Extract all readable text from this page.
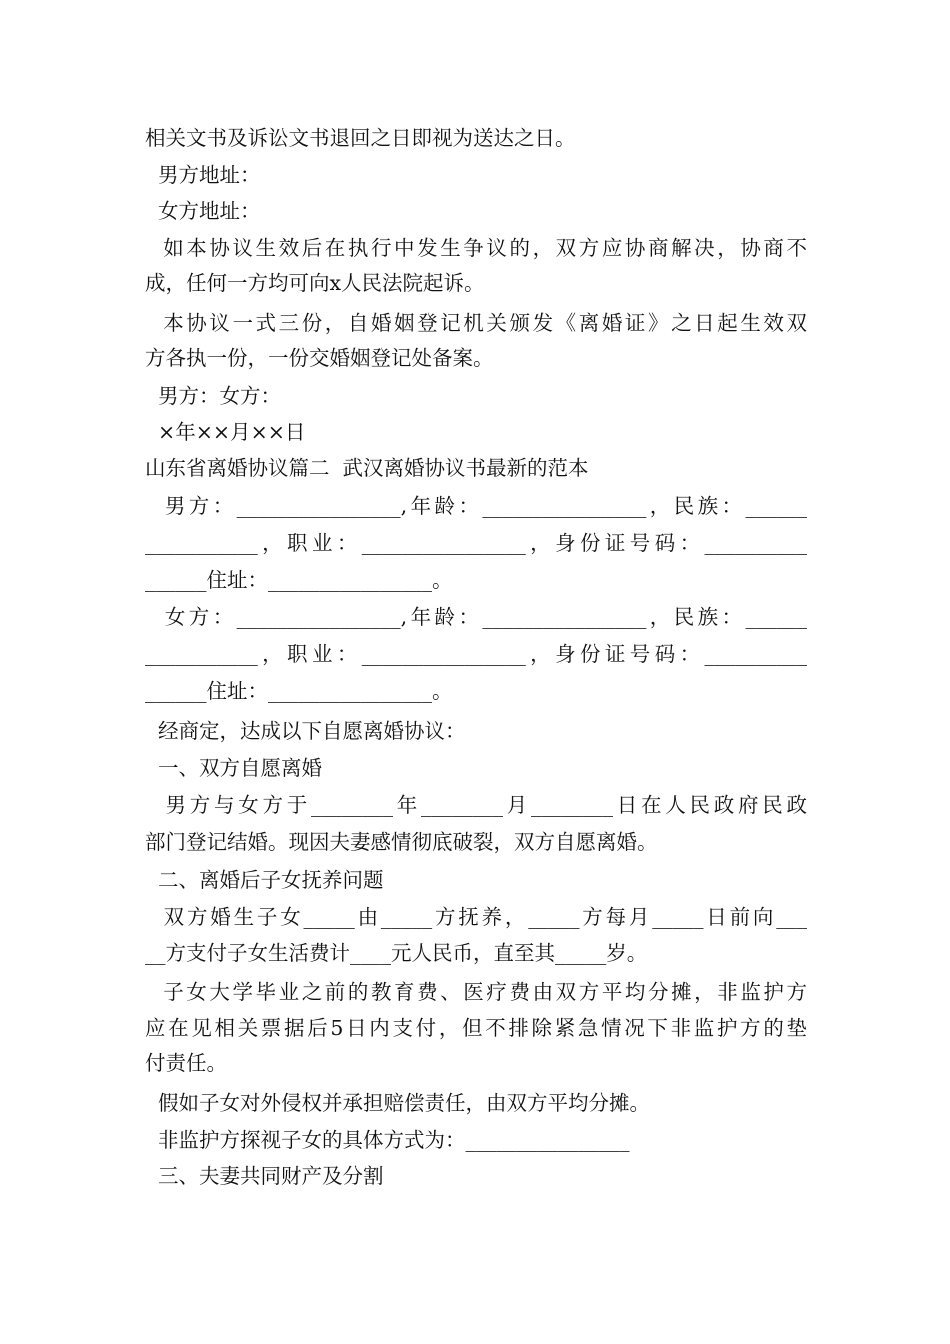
相关文书及诉讼文书退回之日即视为送达之日。
男方地址：
女方地址：
如本协议生效后在执行中发生争议的，双方应协商解决，协商不
成，任何一方均可向x人民法院起诉。
本协议一式三份，自婚姻登记机关颁发《离婚证》之日起生效双
方各执一份，一份交婚姻登记处备案。
男方：女方：
×年××月××日
山东省离婚协议篇二  武汉离婚协议书最新的范本
男方：________________,年龄：________________，民族：______
___________，职业：________________，身份证号码：__________
______住址：________________。
女方：________________,年龄：________________，民族：______
___________，职业：________________，身份证号码：__________
______住址：________________。
经商定，达成以下自愿离婚协议：
一、双方自愿离婚
男方与女方于________年________月________日在人民政府民政
部门登记结婚。现因夫妻感情彻底破裂，双方自愿离婚。
二、离婚后子女抚养问题
双方婚生子女_____由_____方抚养，_____方每月_____日前向___
__方支付子女生活费计____元人民币，直至其_____岁。
子女大学毕业之前的教育费、医疗费由双方平均分摊，非监护方
应在见相关票据后5日内支付，但不排除紧急情况下非监护方的垫
付责任。
假如子女对外侵权并承担赔偿责任，由双方平均分摊。
非监护方探视子女的具体方式为：________________
三、夫妻共同财产及分割
